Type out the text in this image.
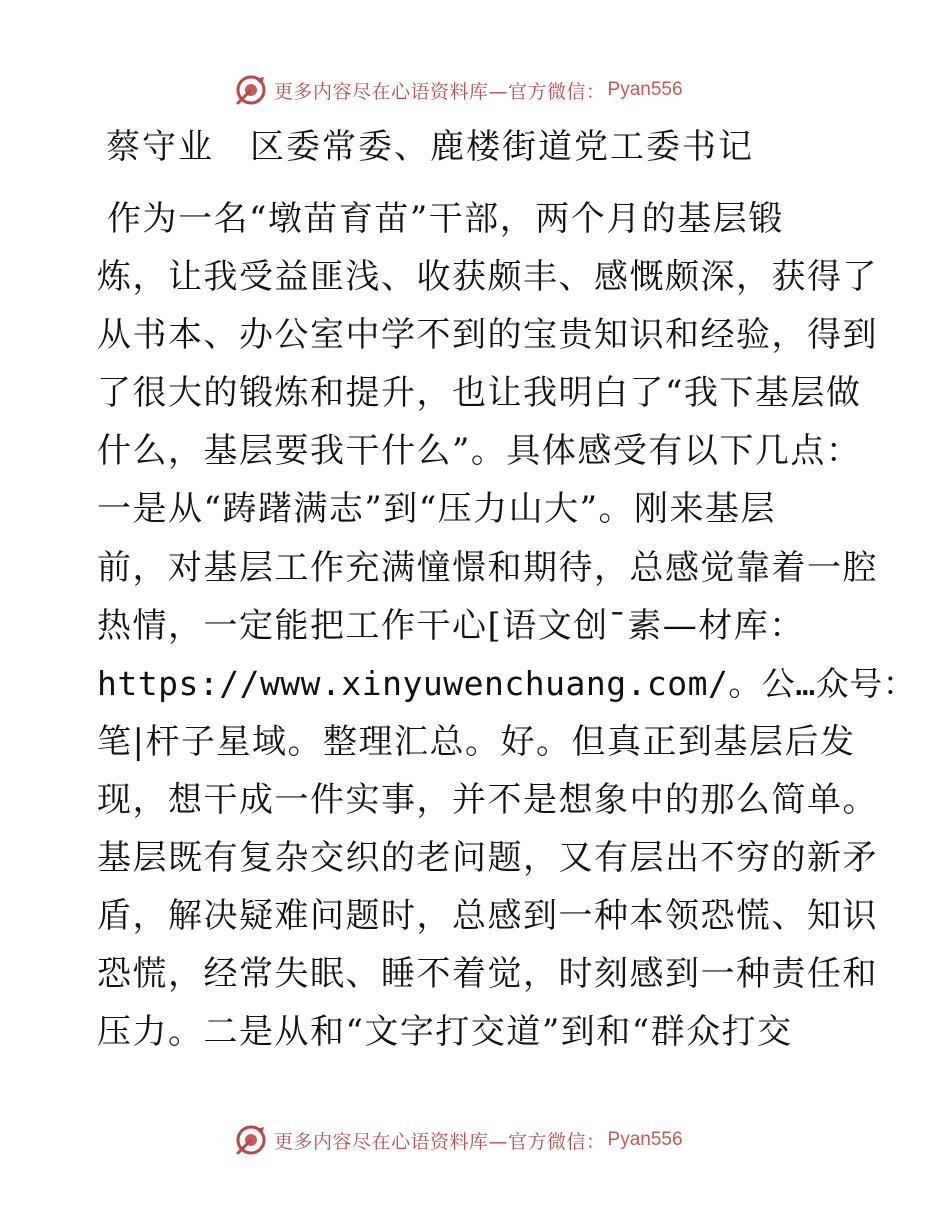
更多内容尽在心语资料库—官方微信： Pyan556
蔡守业 区委常委、鹿楼街道党工委书记
作为一名“墩苗育苗”干部，两个月的基层锻
炼，让我受益匪浅、收获颇丰、感慨颇深，获得了
从书本、办公室中学不到的宝贵知识和经验，得到
了很大的锻炼和提升，也让我明白了“我下基层做
什么，基层要我干什么”。具体感受有以下几点：
一是从“踌躇满志”到“压力山大”。刚来基层
前，对基层工作充满憧憬和期待，总感觉靠着一腔
热情，一定能把工作干心[语文创¯素—材库：
https://www.xinyuwenchuang.com/。公…众号：
笔|杆子星域。整理汇总。好。但真正到基层后发
现，想干成一件实事，并不是想象中的那么简单。
基层既有复杂交织的老问题，又有层出不穷的新矛
盾，解决疑难问题时，总感到一种本领恐慌、知识
恐慌，经常失眠、睡不着觉，时刻感到一种责任和
压力。二是从和“文字打交道”到和“群众打交
更多内容尽在心语资料库—官方微信： Pyan556
